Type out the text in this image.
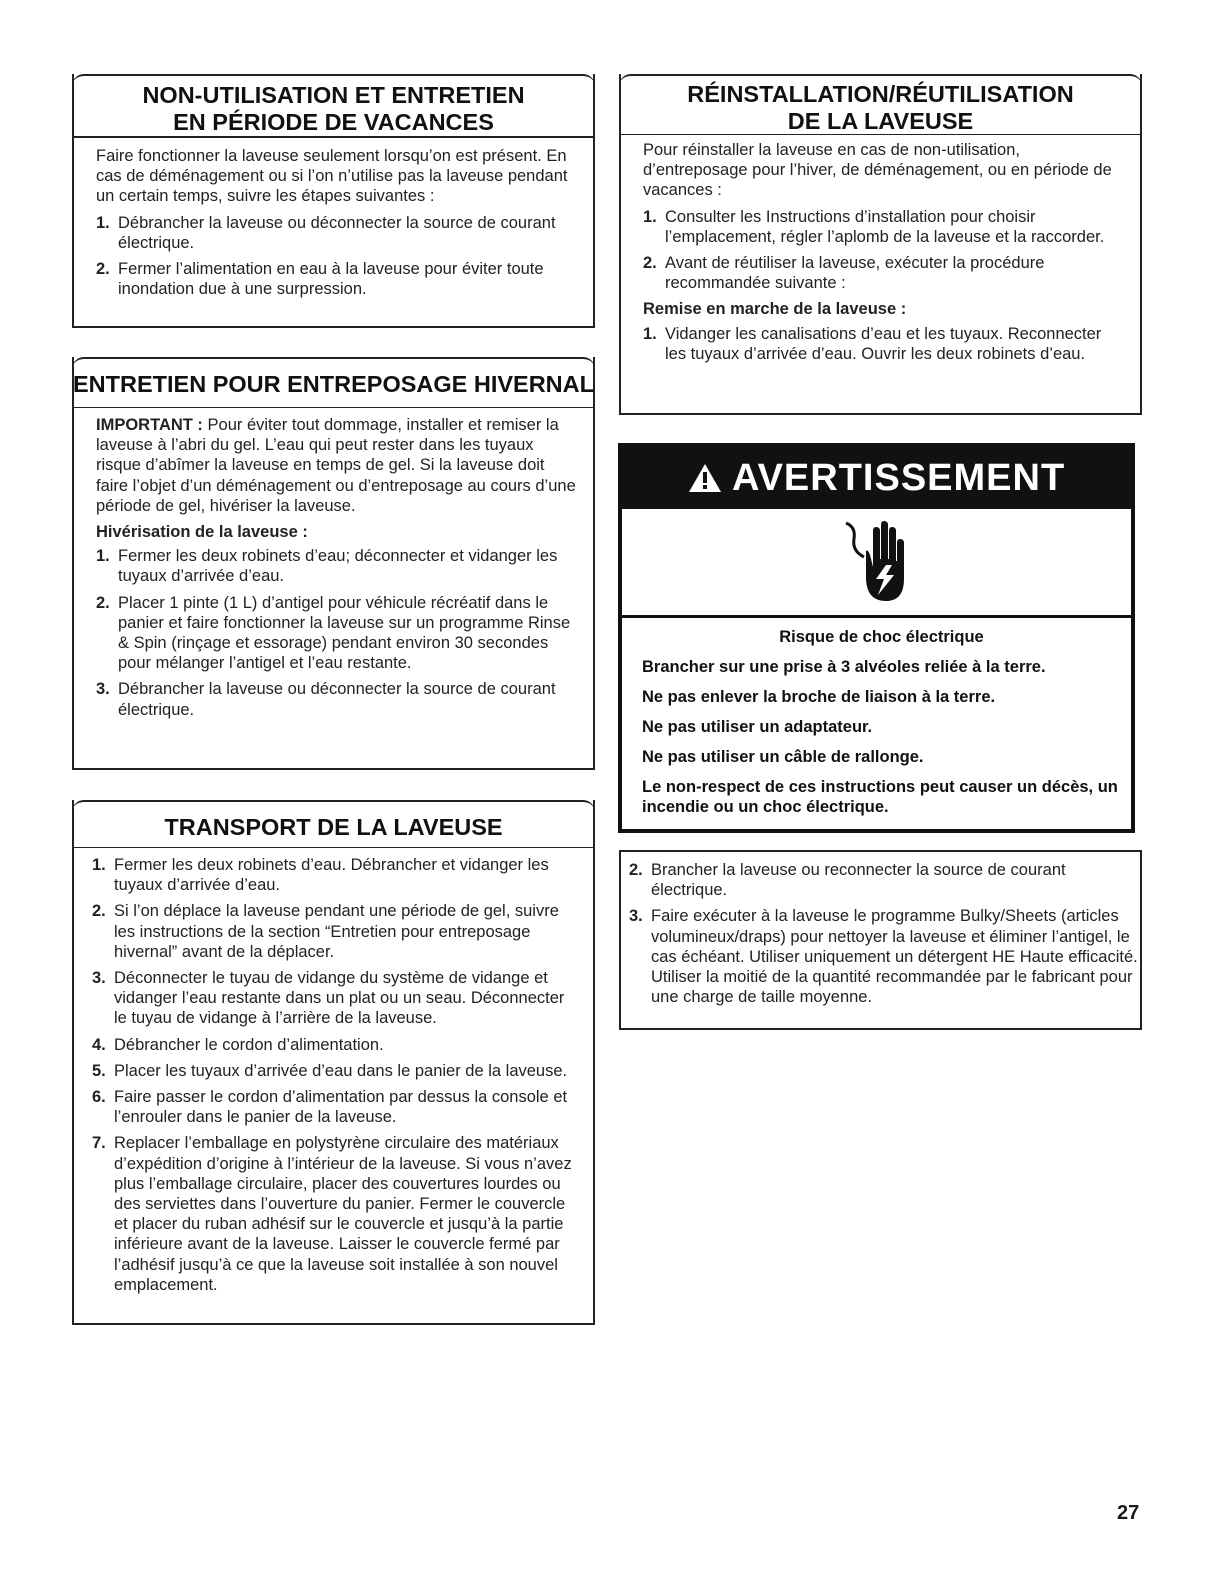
NON-UTILISATION ET ENTRETIEN
EN PÉRIODE DE VACANCES

Faire fonctionner la laveuse seulement lorsqu’on est présent. En cas de déménagement ou si l’on n’utilise pas la laveuse pendant un certain temps, suivre les étapes suivantes :

1. Débrancher la laveuse ou déconnecter la source de courant électrique.
2. Fermer l’alimentation en eau à la laveuse pour éviter toute inondation due à une surpression.
ENTRETIEN POUR ENTREPOSAGE HIVERNAL

IMPORTANT : Pour éviter tout dommage, installer et remiser la laveuse à l’abri du gel. L’eau qui peut rester dans les tuyaux risque d’abîmer la laveuse en temps de gel. Si la laveuse doit faire l’objet d’un déménagement ou d’entreposage au cours d’une période de gel, hivériser la laveuse.

Hivérisation de la laveuse :
1. Fermer les deux robinets d’eau; déconnecter et vidanger les tuyaux d’arrivée d’eau.
2. Placer 1 pinte (1 L) d’antigel pour véhicule récréatif dans le panier et faire fonctionner la laveuse sur un programme Rinse & Spin (rinçage et essorage) pendant environ 30 secondes pour mélanger l’antigel et l’eau restante.
3. Débrancher la laveuse ou déconnecter la source de courant électrique.
TRANSPORT DE LA LAVEUSE
1. Fermer les deux robinets d’eau. Débrancher et vidanger les tuyaux d’arrivée d’eau.
2. Si l’on déplace la laveuse pendant une période de gel, suivre les instructions de la section “Entretien pour entreposage hivernal” avant de la déplacer.
3. Déconnecter le tuyau de vidange du système de vidange et vidanger l’eau restante dans un plat ou un seau. Déconnecter le tuyau de vidange à l’arrière de la laveuse.
4. Débrancher le cordon d’alimentation.
5. Placer les tuyaux d’arrivée d’eau dans le panier de la laveuse.
6. Faire passer le cordon d’alimentation par dessus la console et l’enrouler dans le panier de la laveuse.
7. Replacer l’emballage en polystyrène circulaire des matériaux d’expédition d’origine à l’intérieur de la laveuse. Si vous n’avez plus l’emballage circulaire, placer des couvertures lourdes ou des serviettes dans l’ouverture du panier. Fermer le couvercle et placer du ruban adhésif sur le couvercle et jusqu’à la partie inférieure avant de la laveuse. Laisser le couvercle fermé par l’adhésif jusqu’à ce que la laveuse soit installée à son nouvel emplacement.
RÉINSTALLATION/RÉUTILISATION
DE LA LAVEUSE

Pour réinstaller la laveuse en cas de non-utilisation, d’entreposage pour l’hiver, de déménagement, ou en période de vacances :

1. Consulter les Instructions d’installation pour choisir l’emplacement, régler l’aplomb de la laveuse et la raccorder.
2. Avant de réutiliser la laveuse, exécuter la procédure recommandée suivante :
Remise en marche de la laveuse :
1. Vidanger les canalisations d’eau et les tuyaux. Reconnecter les tuyaux d’arrivée d’eau. Ouvrir les deux robinets d’eau.
AVERTISSEMENT
Risque de choc électrique
Brancher sur une prise à 3 alvéoles reliée à la terre.
Ne pas enlever la broche de liaison à la terre.
Ne pas utiliser un adaptateur.
Ne pas utiliser un câble de rallonge.
Le non-respect de ces instructions peut causer un décès, un incendie ou un choc électrique.
2. Brancher la laveuse ou reconnecter la source de courant électrique.
3. Faire exécuter à la laveuse le programme Bulky/Sheets (articles volumineux/draps) pour nettoyer la laveuse et éliminer l’antigel, le cas échéant. Utiliser uniquement un détergent HE Haute efficacité. Utiliser la moitié de la quantité recommandée par le fabricant pour une charge de taille moyenne.
27
